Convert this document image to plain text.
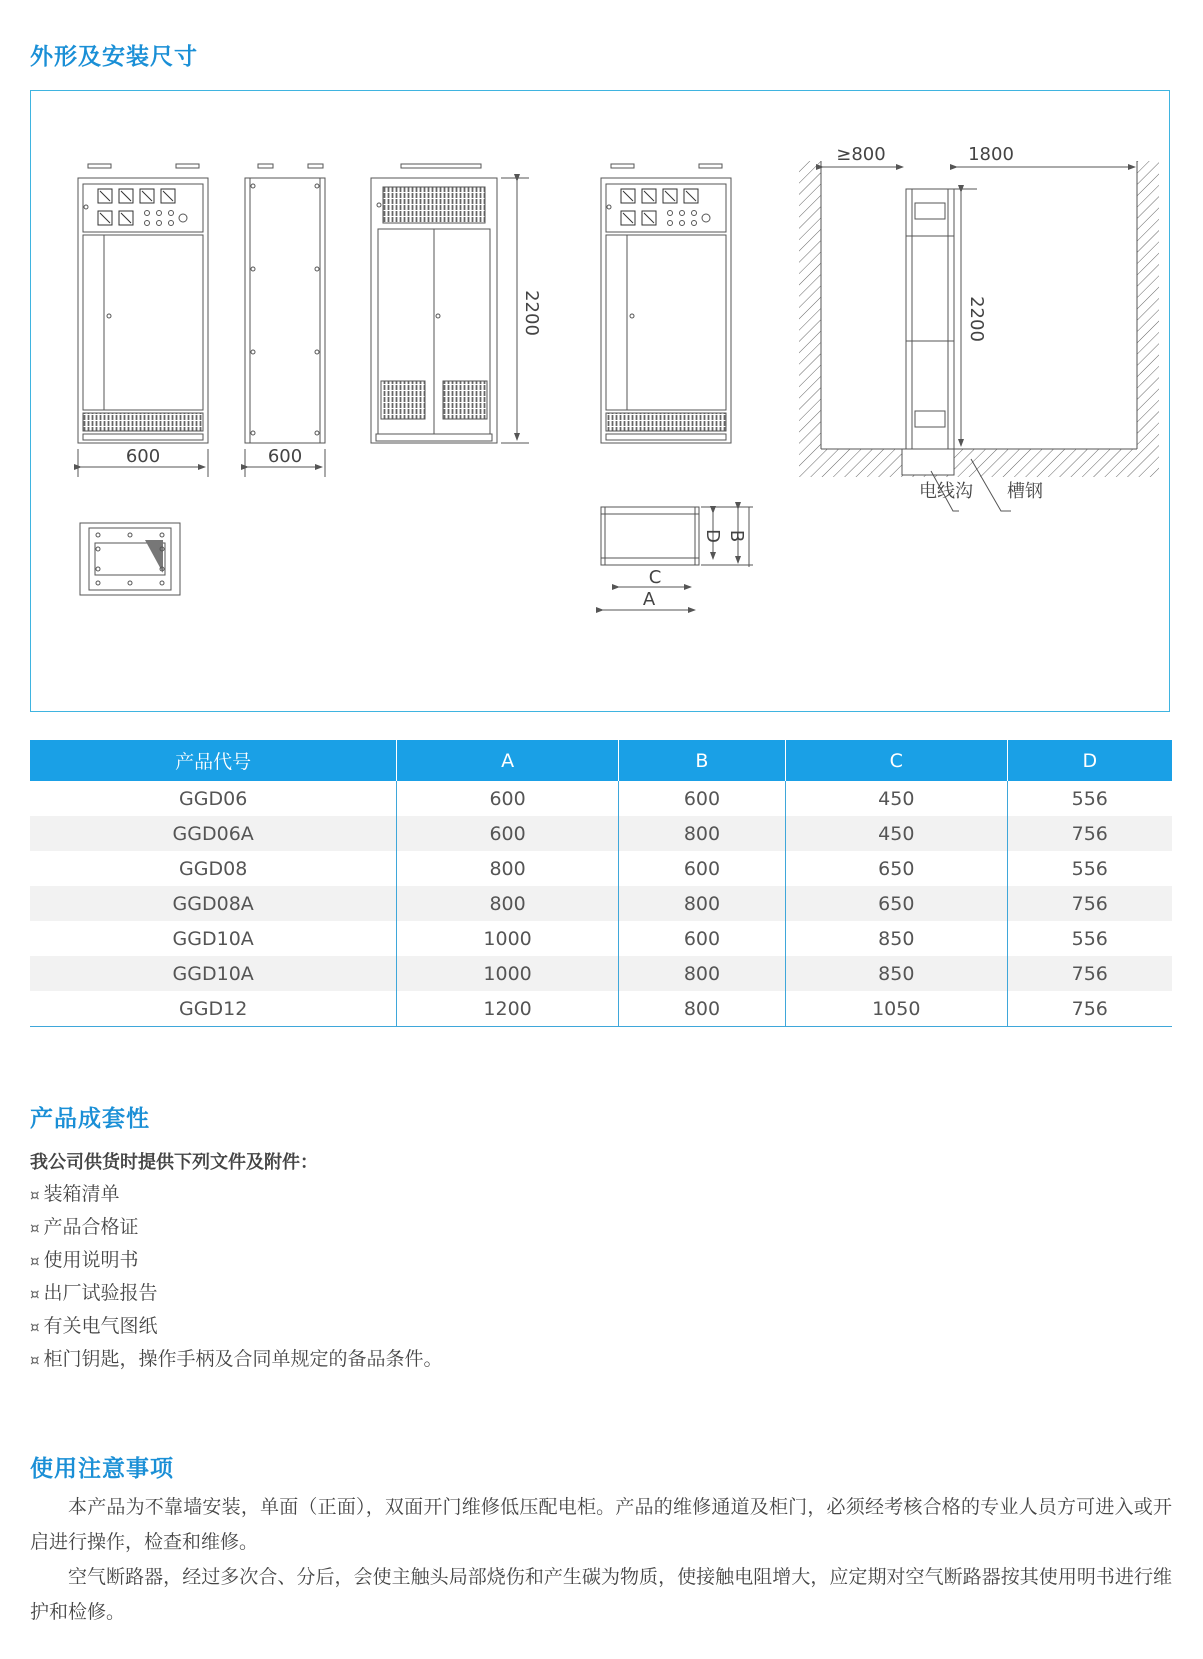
外形及安装尺寸
600	600
2200	2200
≥800	1800
电线沟 槽钢
D B
C
A
产品代号	A	B	C	D
GGD06	600	600	450	556
GGD06A	600	800	450	756
GGD08	800	600	650	556
GGD08A	800	800	650	756
GGD10A	1000	600	850	556
GGD10A	1000	800	850	756
GGD12	1200	800	1050	756
产品成套性

我公司供货时提供下列文件及附件：

¤ 装箱清单
¤ 产品合格证
¤ 使用说明书
¤ 出厂试验报告
¤ 有关电气图纸
¤ 柜门钥匙，操作手柄及合同单规定的备品条件。
使用注意事项

本产品为不靠墙安装，单面（正面），双面开门维修低压配电柜。产品的维修通道及柜门，必须经考核合格的专业人员方可进入或开启进行操作，检查和维修。

空气断路器，经过多次合、分后，会使主触头局部烧伤和产生碳为物质，使接触电阻增大，应定期对空气断路器按其使用明书进行维护和检修。
